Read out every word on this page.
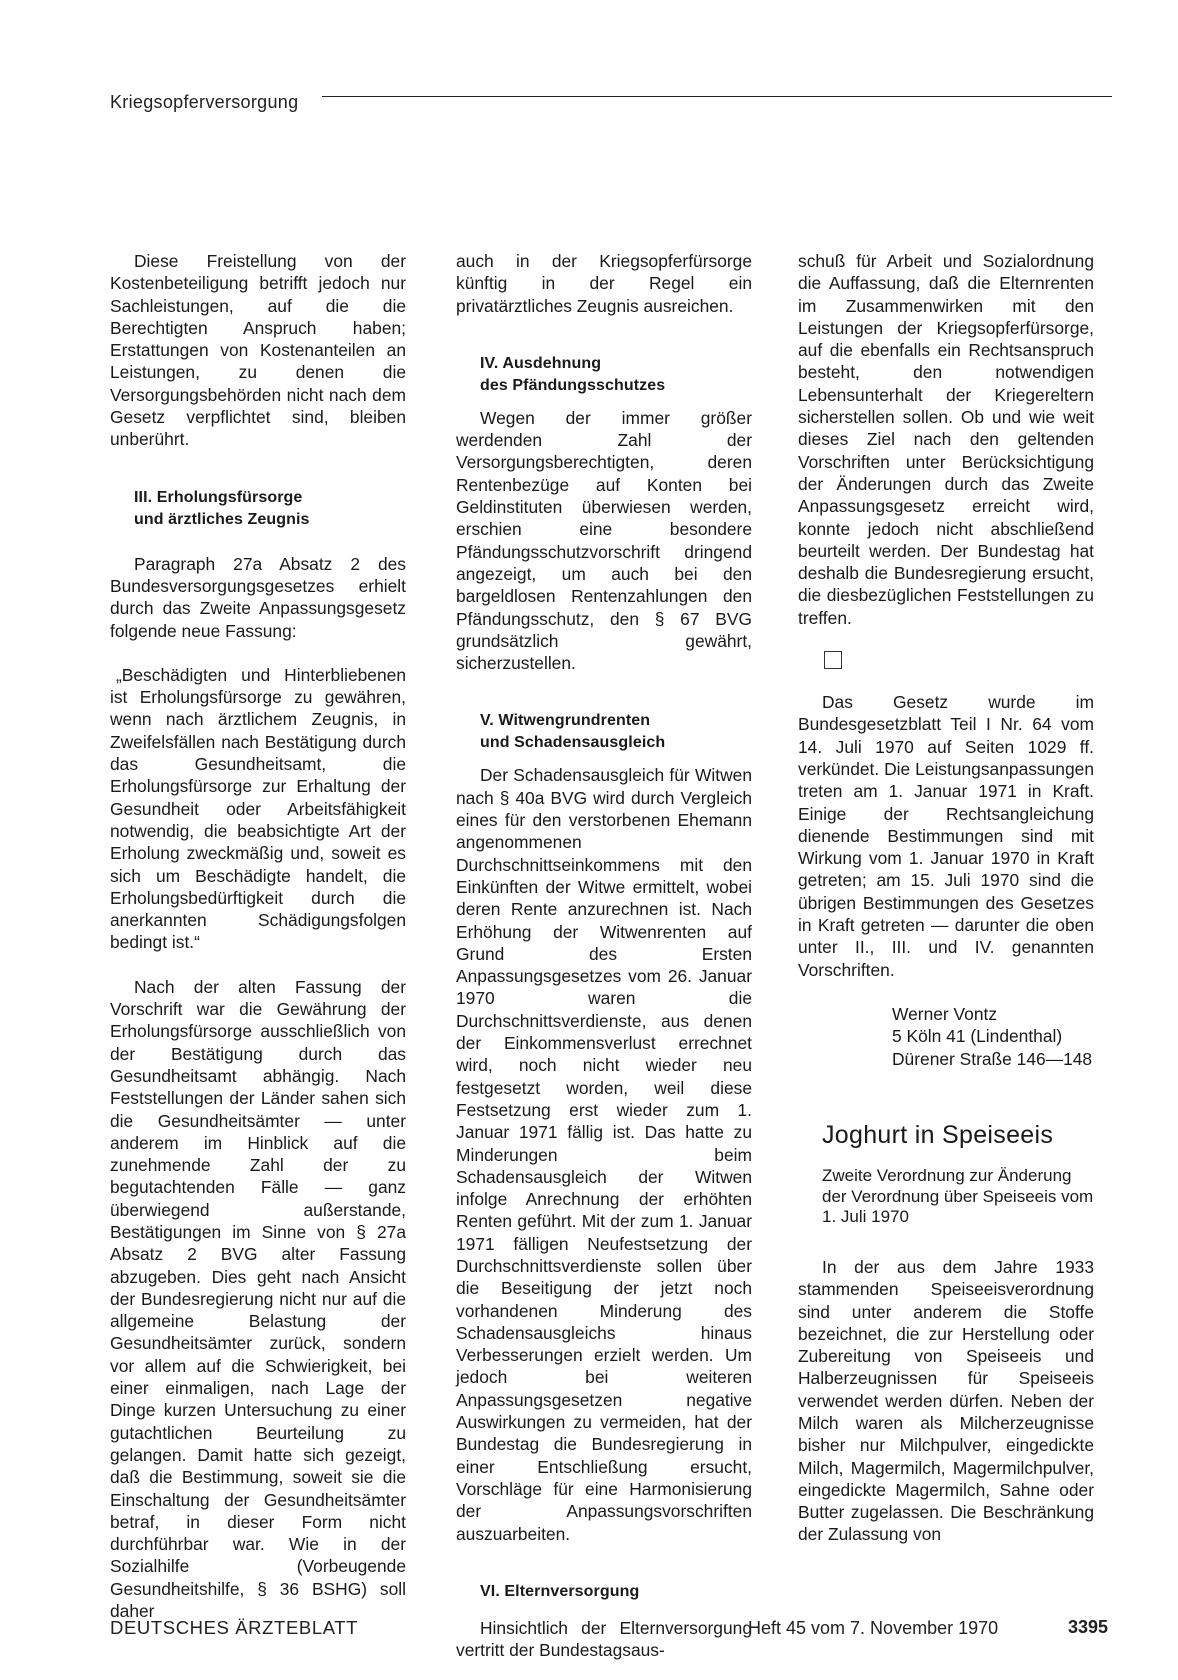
Kriegsopferversorgung

Diese Freistellung von der Kostenbeteiligung betrifft jedoch nur Sachleistungen, auf die die Berechtigten Anspruch haben; Erstattungen von Kostenanteilen an Leistungen, zu denen die Versorgungsbehörden nicht nach dem Gesetz verpflichtet sind, bleiben unberührt.

III. Erholungsfürsorge
und ärztliches Zeugnis

Paragraph 27a Absatz 2 des Bundesversorgungsgesetzes erhielt durch das Zweite Anpassungsgesetz folgende neue Fassung:

„Beschädigten und Hinterbliebenen ist Erholungsfürsorge zu gewähren, wenn nach ärztlichem Zeugnis, in Zweifelsfällen nach Bestätigung durch das Gesundheitsamt, die Erholungsfürsorge zur Erhaltung der Gesundheit oder Arbeitsfähigkeit notwendig, die beabsichtigte Art der Erholung zweckmäßig und, soweit es sich um Beschädigte handelt, die Erholungsbedürftigkeit durch die anerkannten Schädigungsfolgen bedingt ist.“

Nach der alten Fassung der Vorschrift war die Gewährung der Erholungsfürsorge ausschließlich von der Bestätigung durch das Gesundheitsamt abhängig. Nach Feststellungen der Länder sahen sich die Gesundheitsämter — unter anderem im Hinblick auf die zunehmende Zahl der zu begutachtenden Fälle — ganz überwiegend außerstande, Bestätigungen im Sinne von § 27a Absatz 2 BVG alter Fassung abzugeben. Dies geht nach Ansicht der Bundesregierung nicht nur auf die allgemeine Belastung der Gesundheitsämter zurück, sondern vor allem auf die Schwierigkeit, bei einer einmaligen, nach Lage der Dinge kurzen Untersuchung zu einer gutachtlichen Beurteilung zu gelangen. Damit hatte sich gezeigt, daß die Bestimmung, soweit sie die Einschaltung der Gesundheitsämter betraf, in dieser Form nicht durchführbar war. Wie in der Sozialhilfe (Vorbeugende Gesundheitshilfe, § 36 BSHG) soll daher

auch in der Kriegsopferfürsorge künftig in der Regel ein privatärztliches Zeugnis ausreichen.

IV. Ausdehnung
des Pfändungsschutzes

Wegen der immer größer werdenden Zahl der Versorgungsberechtigten, deren Rentenbezüge auf Konten bei Geldinstituten überwiesen werden, erschien eine besondere Pfändungsschutzvorschrift dringend angezeigt, um auch bei den bargeldlosen Rentenzahlungen den Pfändungsschutz, den § 67 BVG grundsätzlich gewährt, sicherzustellen.

V. Witwengrundrenten
und Schadensausgleich

Der Schadensausgleich für Witwen nach § 40a BVG wird durch Vergleich eines für den verstorbenen Ehemann angenommenen Durchschnittseinkommens mit den Einkünften der Witwe ermittelt, wobei deren Rente anzurechnen ist. Nach Erhöhung der Witwenrenten auf Grund des Ersten Anpassungsgesetzes vom 26. Januar 1970 waren die Durchschnittsverdienste, aus denen der Einkommensverlust errechnet wird, noch nicht wieder neu festgesetzt worden, weil diese Festsetzung erst wieder zum 1. Januar 1971 fällig ist. Das hatte zu Minderungen beim Schadensausgleich der Witwen infolge Anrechnung der erhöhten Renten geführt. Mit der zum 1. Januar 1971 fälligen Neufestsetzung der Durchschnittsverdienste sollen über die Beseitigung der jetzt noch vorhandenen Minderung des Schadensausgleichs hinaus Verbesserungen erzielt werden. Um jedoch bei weiteren Anpassungsgesetzen negative Auswirkungen zu vermeiden, hat der Bundestag die Bundesregierung in einer Entschließung ersucht, Vorschläge für eine Harmonisierung der Anpassungsvorschriften auszuarbeiten.

VI. Elternversorgung

Hinsichtlich der Elternversorgung vertritt der Bundestagsaus-

schuß für Arbeit und Sozialordnung die Auffassung, daß die Elternrenten im Zusammenwirken mit den Leistungen der Kriegsopferfürsorge, auf die ebenfalls ein Rechtsanspruch besteht, den notwendigen Lebensunterhalt der Kriegereltern sicherstellen sollen. Ob und wie weit dieses Ziel nach den geltenden Vorschriften unter Berücksichtigung der Änderungen durch das Zweite Anpassungsgesetz erreicht wird, konnte jedoch nicht abschließend beurteilt werden. Der Bundestag hat deshalb die Bundesregierung ersucht, die diesbezüglichen Feststellungen zu treffen.

Das Gesetz wurde im Bundesgesetzblatt Teil I Nr. 64 vom 14. Juli 1970 auf Seiten 1029 ff. verkündet. Die Leistungsanpassungen treten am 1. Januar 1971 in Kraft. Einige der Rechtsangleichung dienende Bestimmungen sind mit Wirkung vom 1. Januar 1970 in Kraft getreten; am 15. Juli 1970 sind die übrigen Bestimmungen des Gesetzes in Kraft getreten — darunter die oben unter II., III. und IV. genannten Vorschriften.

Werner Vontz
5 Köln 41 (Lindenthal)
Dürener Straße 146—148
Joghurt in Speiseeis
Zweite Verordnung zur Änderung der Verordnung über Speiseeis vom 1. Juli 1970

In der aus dem Jahre 1933 stammenden Speiseeisverordnung sind unter anderem die Stoffe bezeichnet, die zur Herstellung oder Zubereitung von Speiseeis und Halberzeugnissen für Speiseeis verwendet werden dürfen. Neben der Milch waren als Milcherzeugnisse bisher nur Milchpulver, eingedickte Milch, Magermilch, Magermilchpulver, eingedickte Magermilch, Sahne oder Butter zugelassen. Die Beschränkung der Zulassung von

DEUTSCHES ÄRZTEBLATT	Heft 45 vom 7. November 1970	3395
